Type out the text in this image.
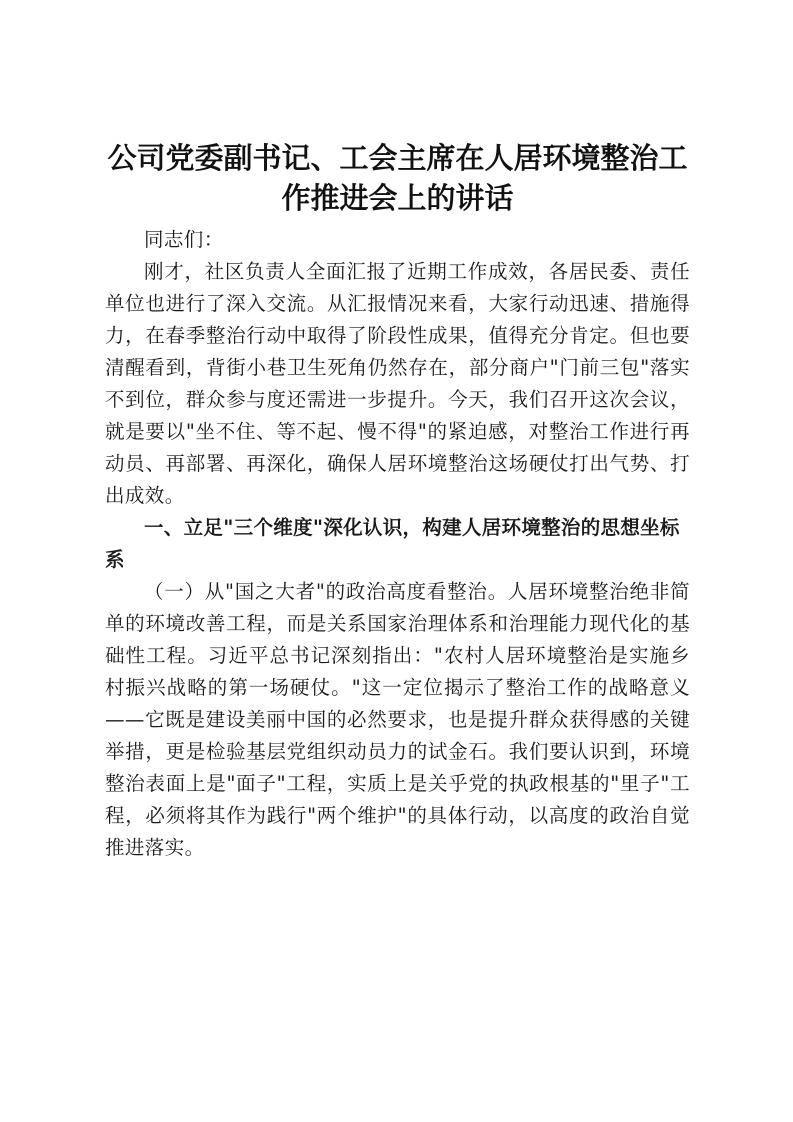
公司党委副书记、工会主席在人居环境整治工
作推进会上的讲话

同志们：

刚才，社区负责人全面汇报了近期工作成效，各居民委、责任单位也进行了深入交流。从汇报情况来看，大家行动迅速、措施得力，在春季整治行动中取得了阶段性成果，值得充分肯定。但也要清醒看到，背街小巷卫生死角仍然存在，部分商户"门前三包"落实不到位，群众参与度还需进一步提升。今天，我们召开这次会议，就是要以"坐不住、等不起、慢不得"的紧迫感，对整治工作进行再动员、再部署、再深化，确保人居环境整治这场硬仗打出气势、打出成效。

一、立足"三个维度"深化认识，构建人居环境整治的思想坐标系

（一）从"国之大者"的政治高度看整治。人居环境整治绝非简单的环境改善工程，而是关系国家治理体系和治理能力现代化的基础性工程。习近平总书记深刻指出："农村人居环境整治是实施乡村振兴战略的第一场硬仗。"这一定位揭示了整治工作的战略意义——它既是建设美丽中国的必然要求，也是提升群众获得感的关键举措，更是检验基层党组织动员力的试金石。我们要认识到，环境整治表面上是"面子"工程，实质上是关乎党的执政根基的"里子"工程，必须将其作为践行"两个维护"的具体行动，以高度的政治自觉推进落实。
